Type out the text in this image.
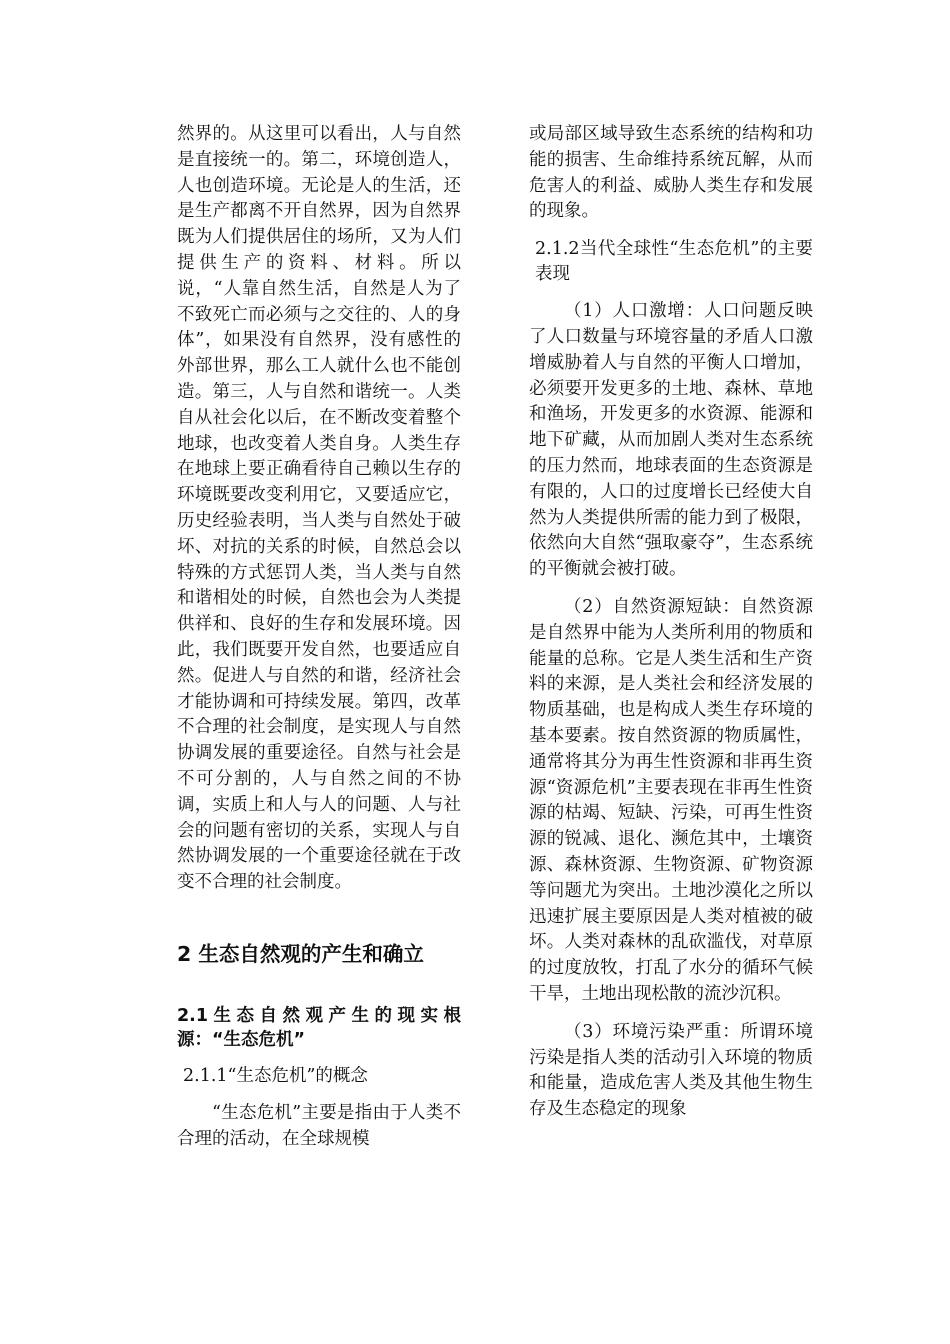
然界的。从这里可以看出，人与自然是直接统一的。第二，环境创造人，人也创造环境。无论是人的生活，还是生产都离不开自然界，因为自然界既为人们提供居住的场所，又为人们提供生产的资料、材料。所以说，“人靠自然生活，自然是人为了不致死亡而必须与之交往的、人的身体”，如果没有自然界，没有感性的外部世界，那么工人就什么也不能创造。第三，人与自然和谐统一。人类自从社会化以后，在不断改变着整个地球，也改变着人类自身。人类生存在地球上要正确看待自己赖以生存的环境既要改变利用它，又要适应它，历史经验表明，当人类与自然处于破坏、对抗的关系的时候，自然总会以特殊的方式惩罚人类，当人类与自然和谐相处的时候，自然也会为人类提供祥和、良好的生存和发展环境。因此，我们既要开发自然，也要适应自然。促进人与自然的和谐，经济社会才能协调和可持续发展。第四，改革不合理的社会制度，是实现人与自然协调发展的重要途径。自然与社会是不可分割的，人与自然之间的不协调，实质上和人与人的问题、人与社会的问题有密切的关系，实现人与自然协调发展的一个重要途径就在于改变不合理的社会制度。

2 生态自然观的产生和确立
2.1生态自然观产生的现实根源：“生态危机”
2.1.1“生态危机”的概念

“生态危机”主要是指由于人类不合理的活动，在全球规模

或局部区域导致生态系统的结构和功能的损害、生命维持系统瓦解，从而危害人的利益、威胁人类生存和发展的现象。

2.1.2当代全球性“生态危机”的主要表现

（1）人口激增：人口问题反映了人口数量与环境容量的矛盾人口激增威胁着人与自然的平衡人口增加，必须要开发更多的土地、森林、草地和渔场，开发更多的水资源、能源和地下矿藏，从而加剧人类对生态系统的压力然而，地球表面的生态资源是有限的，人口的过度增长已经使大自然为人类提供所需的能力到了极限，依然向大自然“强取豪夺”，生态系统的平衡就会被打破。

（2）自然资源短缺：自然资源是自然界中能为人类所利用的物质和能量的总称。它是人类生活和生产资料的来源，是人类社会和经济发展的物质基础，也是构成人类生存环境的基本要素。按自然资源的物质属性，通常将其分为再生性资源和非再生资源“资源危机”主要表现在非再生性资源的枯竭、短缺、污染，可再生性资源的锐减、退化、濒危其中，土壤资源、森林资源、生物资源、矿物资源等问题尤为突出。土地沙漠化之所以迅速扩展主要原因是人类对植被的破坏。人类对森林的乱砍滥伐，对草原的过度放牧，打乱了水分的循环气候干旱，土地出现松散的流沙沉积。

（3）环境污染严重：所谓环境污染是指人类的活动引入环境的物质和能量，造成危害人类及其他生物生存及生态稳定的现象
